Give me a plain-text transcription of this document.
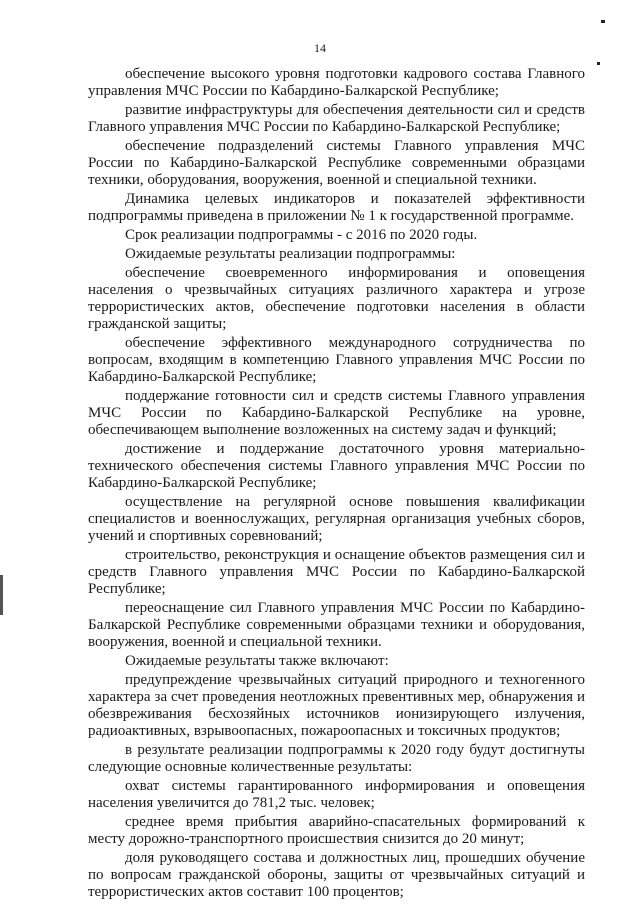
14

обеспечение высокого уровня подготовки кадрового состава Главного управления МЧС России по Кабардино-Балкарской Республике;

развитие инфраструктуры для обеспечения деятельности сил и средств Главного управления МЧС России по Кабардино-Балкарской Республике;

обеспечение подразделений системы Главного управления МЧС России по Кабардино-Балкарской Республике современными образцами техники, оборудования, вооружения, военной и специальной техники.

Динамика целевых индикаторов и показателей эффективности подпрограммы приведена в приложении № 1 к государственной программе.

Срок реализации подпрограммы - с 2016 по 2020 годы.

Ожидаемые результаты реализации подпрограммы:

обеспечение своевременного информирования и оповещения населения о чрезвычайных ситуациях различного характера и угрозе террористических актов, обеспечение подготовки населения в области гражданской защиты;

обеспечение эффективного международного сотрудничества по вопросам, входящим в компетенцию Главного управления МЧС России по Кабардино-Балкарской Республике;

поддержание готовности сил и средств системы Главного управления МЧС России по Кабардино-Балкарской Республике на уровне, обеспечивающем выполнение возложенных на систему задач и функций;

достижение и поддержание достаточного уровня материально-технического обеспечения системы Главного управления МЧС России по Кабардино-Балкарской Республике;

осуществление на регулярной основе повышения квалификации специалистов и военнослужащих, регулярная организация учебных сборов, учений и спортивных соревнований;

строительство, реконструкция и оснащение объектов размещения сил и средств Главного управления МЧС России по Кабардино-Балкарской Республике;

переоснащение сил Главного управления МЧС России по Кабардино-Балкарской Республике современными образцами техники и оборудования, вооружения, военной и специальной техники.

Ожидаемые результаты также включают:

предупреждение чрезвычайных ситуаций природного и техногенного характера за счет проведения неотложных превентивных мер, обнаружения и обезвреживания бесхозяйных источников ионизирующего излучения, радиоактивных, взрывоопасных, пожароопасных и токсичных продуктов;

в результате реализации подпрограммы к 2020 году будут достигнуты следующие основные количественные результаты:

охват системы гарантированного информирования и оповещения населения увеличится до 781,2 тыс. человек;

среднее время прибытия аварийно-спасательных формирований к месту дорожно-транспортного происшествия снизится до 20 минут;

доля руководящего состава и должностных лиц, прошедших обучение по вопросам гражданской обороны, защиты от чрезвычайных ситуаций и террористических актов составит 100 процентов;
